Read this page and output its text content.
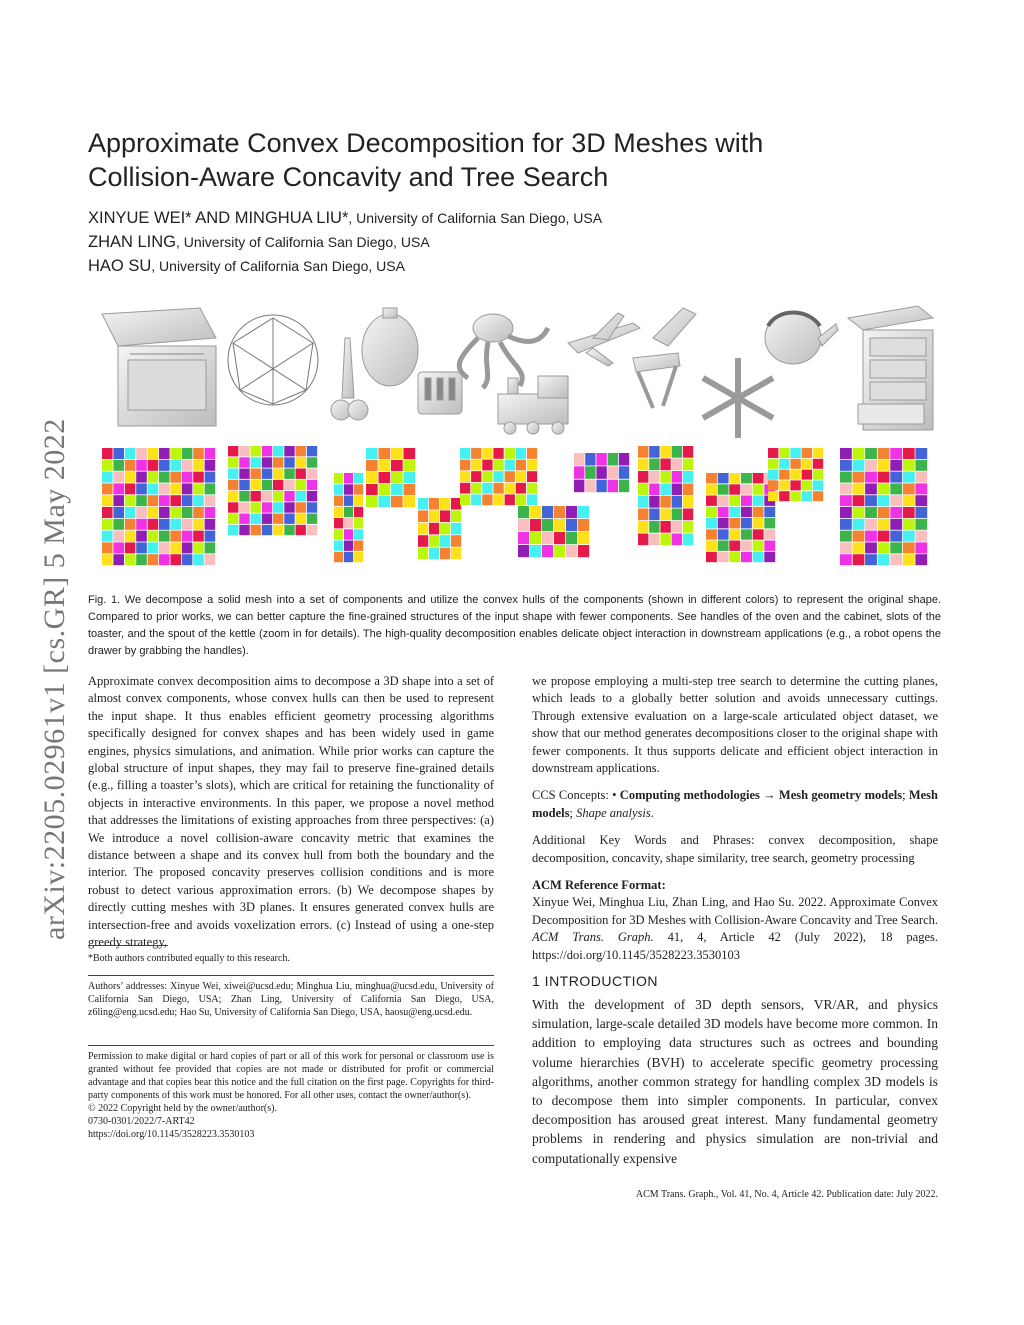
arXiv:2205.02961v1 [cs.GR] 5 May 2022
Approximate Convex Decomposition for 3D Meshes with
Collision-Aware Concavity and Tree Search
XINYUE WEI* AND MINGHUA LIU*, University of California San Diego, USA
ZHAN LING, University of California San Diego, USA
HAO SU, University of California San Diego, USA
Fig. 1. We decompose a solid mesh into a set of components and utilize the convex hulls of the components (shown in different colors) to represent the original shape. Compared to prior works, we can better capture the fine-grained structures of the input shape with fewer components. See handles of the oven and the cabinet, slots of the toaster, and the spout of the kettle (zoom in for details). The high-quality decomposition enables delicate object interaction in downstream applications (e.g., a robot opens the drawer by grabbing the handles).

Approximate convex decomposition aims to decompose a 3D shape into a set of almost convex components, whose convex hulls can then be used to represent the input shape. It thus enables efficient geometry processing algorithms specifically designed for convex shapes and has been widely used in game engines, physics simulations, and animation. While prior works can capture the global structure of input shapes, they may fail to preserve fine-grained details (e.g., filling a toaster’s slots), which are critical for retaining the functionality of objects in interactive environments. In this paper, we propose a novel method that addresses the limitations of existing approaches from three perspectives: (a) We introduce a novel collision-aware concavity metric that examines the distance between a shape and its convex hull from both the boundary and the interior. The proposed concavity preserves collision conditions and is more robust to detect various approximation errors. (b) We decompose shapes by directly cutting meshes with 3D planes. It ensures generated convex hulls are intersection-free and avoids voxelization errors. (c) Instead of using a one-step greedy strategy,

we propose employing a multi-step tree search to determine the cutting planes, which leads to a globally better solution and avoids unnecessary cuttings. Through extensive evaluation on a large-scale articulated object dataset, we show that our method generates decompositions closer to the original shape with fewer components. It thus supports delicate and efficient object interaction in downstream applications.

CCS Concepts: • Computing methodologies → Mesh geometry models; Mesh models; Shape analysis.

Additional Key Words and Phrases: convex decomposition, shape decomposition, concavity, shape similarity, tree search, geometry processing

ACM Reference Format:

Xinyue Wei, Minghua Liu, Zhan Ling, and Hao Su. 2022. Approximate Convex Decomposition for 3D Meshes with Collision-Aware Concavity and Tree Search. ACM Trans. Graph. 41, 4, Article 42 (July 2022), 18 pages. https://doi.org/10.1145/3528223.3530103

*Both authors contributed equally to this research.
Authors’ addresses: Xinyue Wei, xiwei@ucsd.edu; Minghua Liu, minghua@ucsd.edu, University of California San Diego, USA; Zhan Ling, University of California San Diego, USA, z6ling@eng.ucsd.edu; Hao Su, University of California San Diego, USA, haosu@eng.ucsd.edu.
Permission to make digital or hard copies of part or all of this work for personal or classroom use is granted without fee provided that copies are not made or distributed for profit or commercial advantage and that copies bear this notice and the full citation on the first page. Copyrights for third-party components of this work must be honored. For all other uses, contact the owner/author(s).
© 2022 Copyright held by the owner/author(s).
0730-0301/2022/7-ART42
https://doi.org/10.1145/3528223.3530103
1 INTRODUCTION
With the development of 3D depth sensors, VR/AR, and physics simulation, large-scale detailed 3D models have become more common. In addition to employing data structures such as octrees and bounding volume hierarchies (BVH) to accelerate specific geometry processing algorithms, another common strategy for handling complex 3D models is to decompose them into simpler components. In particular, convex decomposition has aroused great interest. Many fundamental geometry problems in rendering and physics simulation are non-trivial and computationally expensive
ACM Trans. Graph., Vol. 41, No. 4, Article 42. Publication date: July 2022.
